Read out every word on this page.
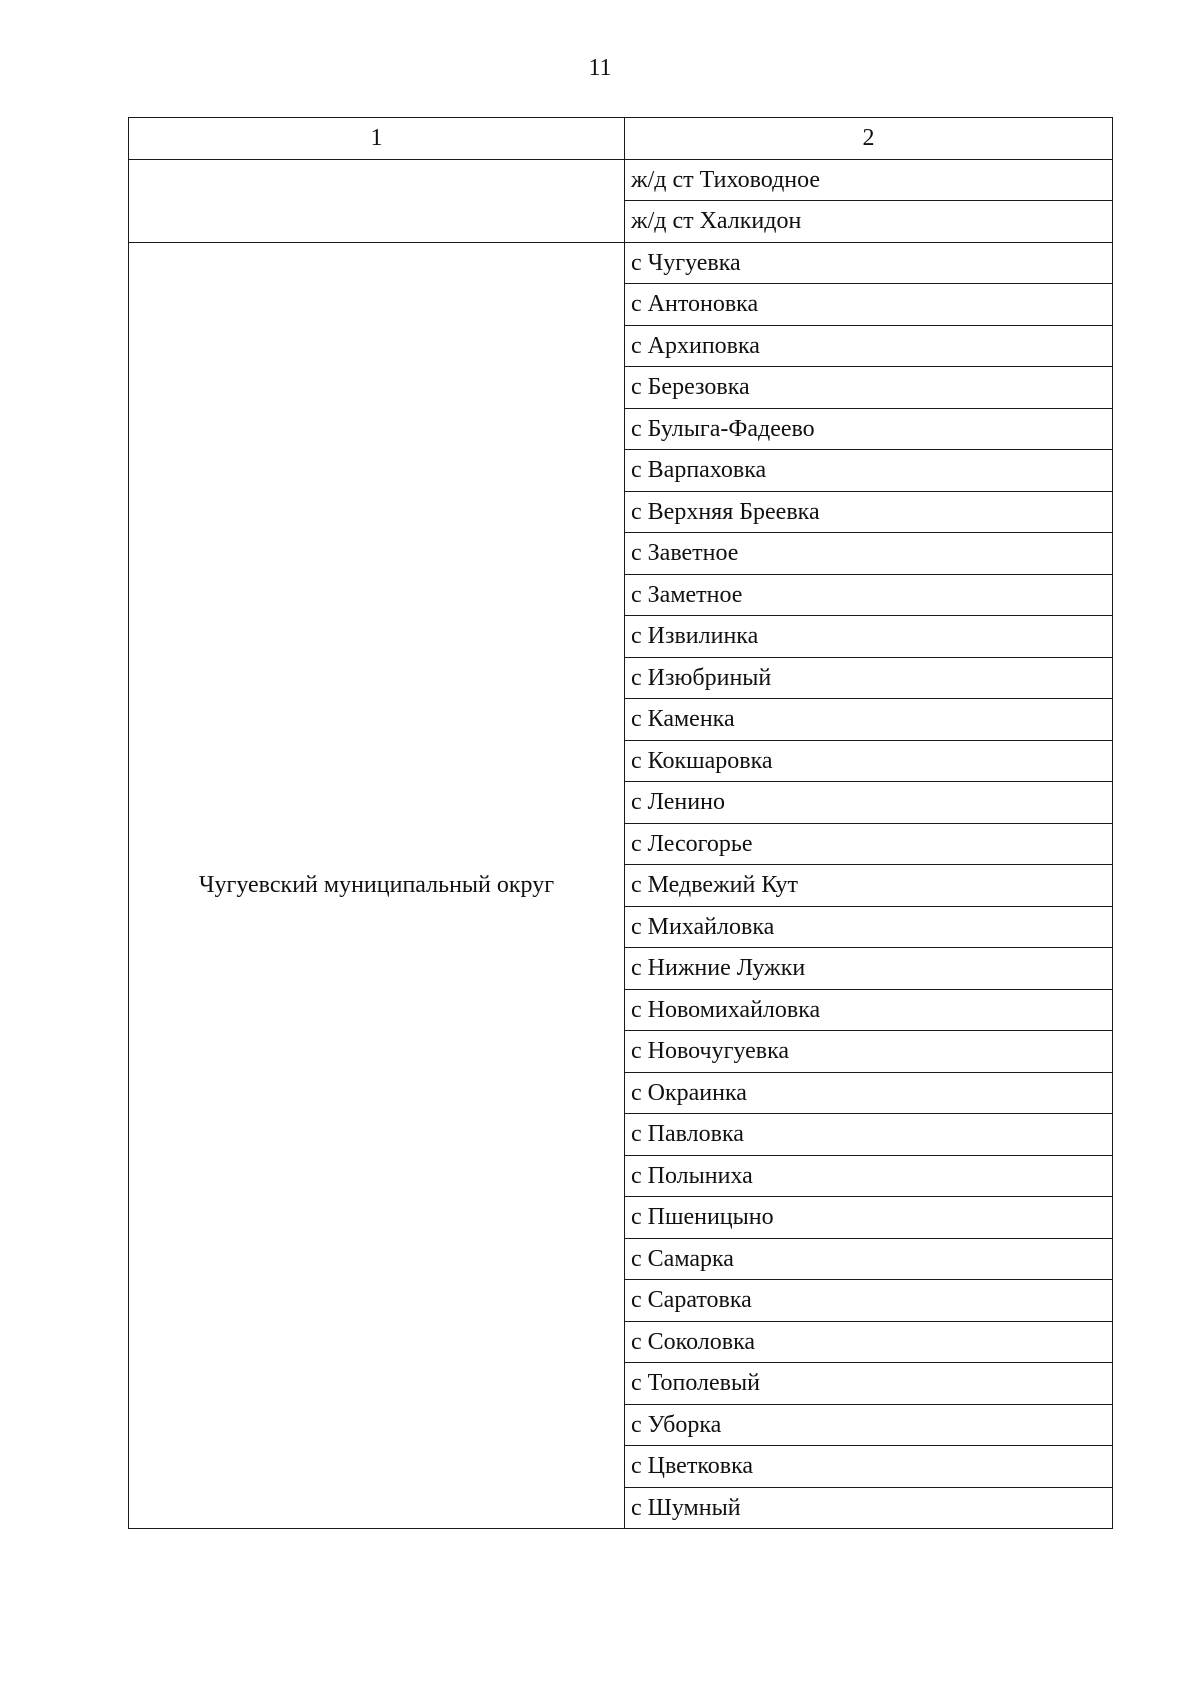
11
1	2
	ж/д ст Тиховодное
	ж/д ст Халкидон
Чугуевский муниципальный округ	с Чугуевка
	с Антоновка
	с Архиповка
	с Березовка
	с Булыга-Фадеево
	с Варпаховка
	с Верхняя Бреевка
	с Заветное
	с Заметное
	с Извилинка
	с Изюбриный
	с Каменка
	с Кокшаровка
	с Ленино
	с Лесогорье
	с Медвежий Кут
	с Михайловка
	с Нижние Лужки
	с Новомихайловка
	с Новочугуевка
	с Окраинка
	с Павловка
	с Полыниха
	с Пшеницыно
	с Самарка
	с Саратовка
	с Соколовка
	с Тополевый
	с Уборка
	с Цветковка
	с Шумный
